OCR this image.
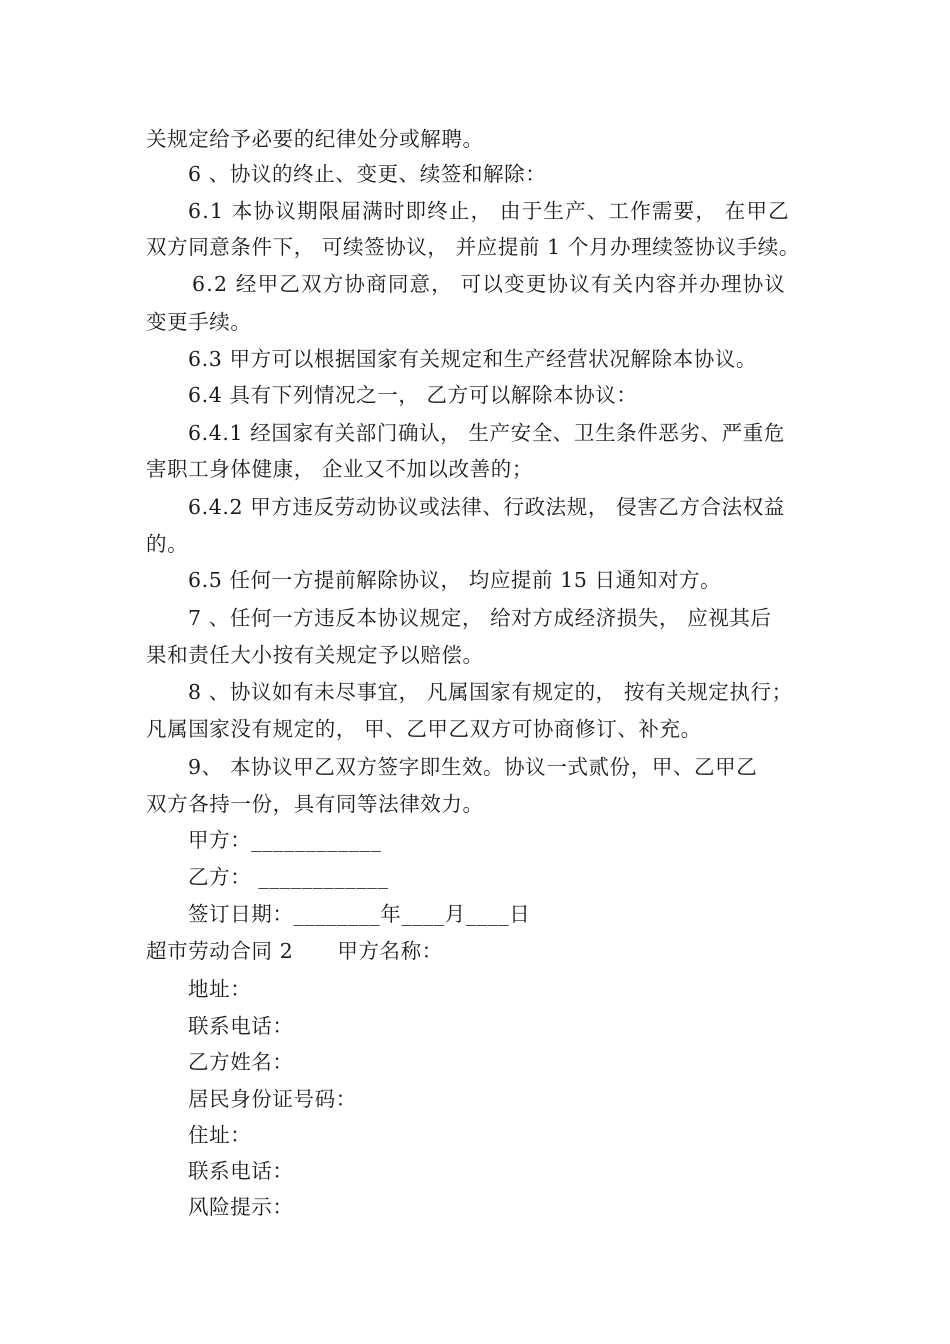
关规定给予必要的纪律处分或解聘。
6 、协议的终止、变更、续签和解除：
6.1 本协议期限届满时即终止， 由于生产、工作需要， 在甲乙
双方同意条件下， 可续签协议， 并应提前 1 个月办理续签协议手续。
6.2 经甲乙双方协商同意， 可以变更协议有关内容并办理协议
变更手续。
6.3 甲方可以根据国家有关规定和生产经营状况解除本协议。
6.4 具有下列情况之一， 乙方可以解除本协议：
6.4.1 经国家有关部门确认， 生产安全、卫生条件恶劣、严重危
害职工身体健康， 企业又不加以改善的；
6.4.2 甲方违反劳动协议或法律、行政法规， 侵害乙方合法权益
的。
6.5 任何一方提前解除协议， 均应提前 15 日通知对方。
7 、任何一方违反本协议规定， 给对方成经济损失， 应视其后
果和责任大小按有关规定予以赔偿。
8 、协议如有未尽事宜， 凡属国家有规定的， 按有关规定执行；
凡属国家没有规定的， 甲、乙甲乙双方可协商修订、补充。
9、 本协议甲乙双方签字即生效。协议一式贰份，甲、乙甲乙
双方各持一份，具有同等法律效力。
甲方：____________
乙方： ____________
签订日期：________年____月____日
超市劳动合同 2 甲方名称：
地址：
联系电话：
乙方姓名：
居民身份证号码：
住址：
联系电话：
风险提示：
